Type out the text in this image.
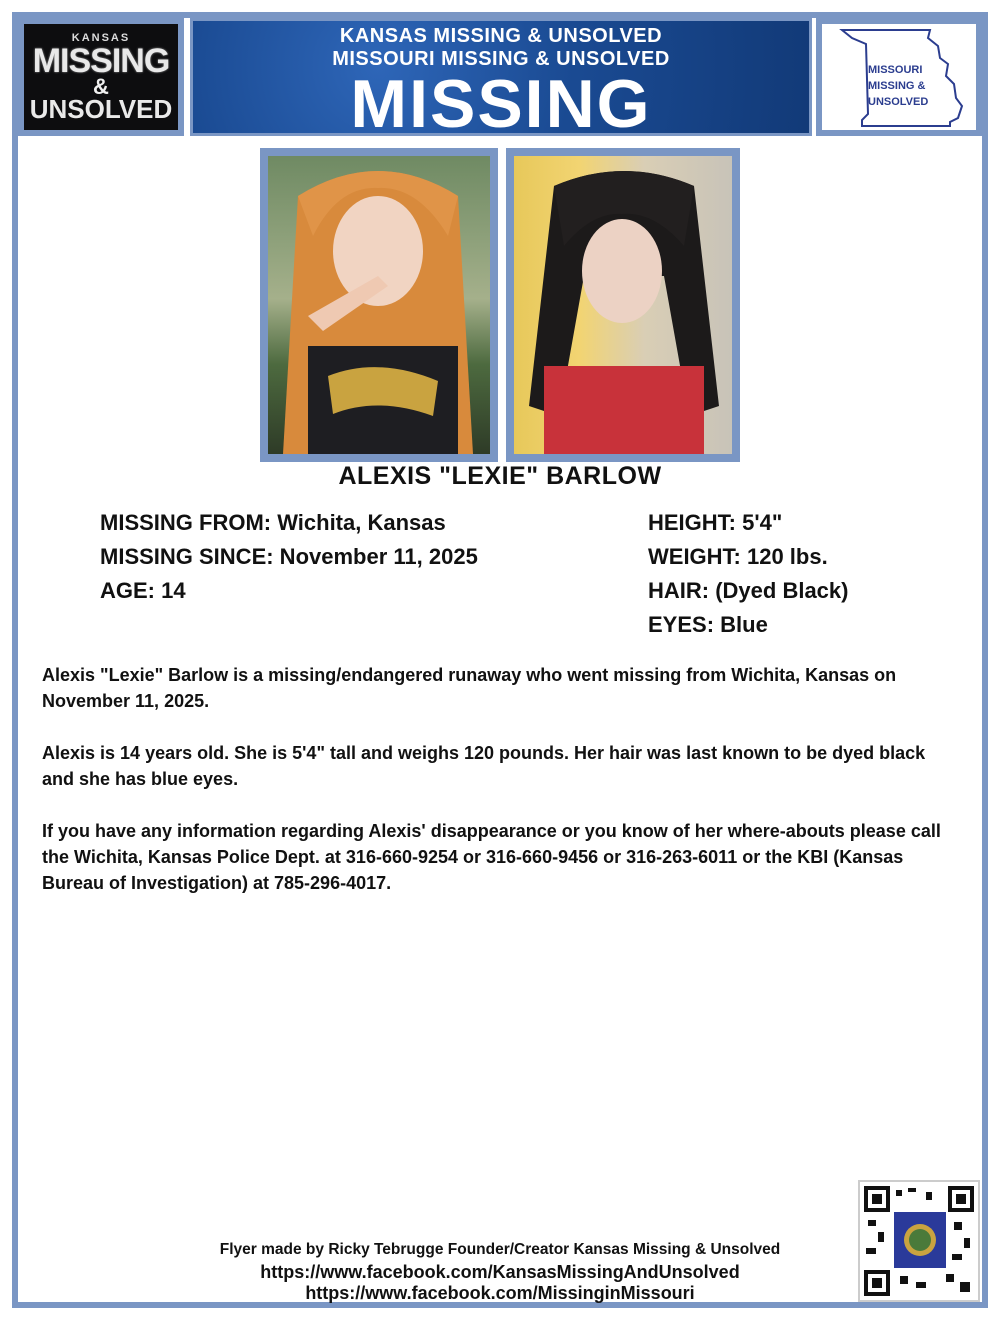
KANSAS
MISSING
&
UNSOLVED
KANSAS MISSING & UNSOLVED
MISSOURI MISSING & UNSOLVED
MISSING	MISSOURI
MISSING &
UNSOLVED
ALEXIS "LEXIE" BARLOW
MISSING FROM: Wichita, Kansas
MISSING SINCE: November 11, 2025
AGE: 14
HEIGHT: 5'4"
WEIGHT: 120 lbs.
HAIR: (Dyed Black)
EYES: Blue
Alexis "Lexie" Barlow is a missing/endangered runaway who went missing from Wichita, Kansas on November 11, 2025.
Alexis is 14 years old. She is 5'4" tall and weighs 120 pounds. Her hair was last known to be dyed black and she has blue eyes.
If you have any information regarding Alexis' disappearance or you know of her where-abouts please call the Wichita, Kansas Police Dept. at 316-660-9254 or 316-660-9456 or 316-263-6011 or the KBI (Kansas Bureau of Investigation) at 785-296-4017.
Flyer made by Ricky Tebrugge Founder/Creator Kansas Missing & Unsolved
https://www.facebook.com/KansasMissingAndUnsolved
https://www.facebook.com/MissinginMissouri
